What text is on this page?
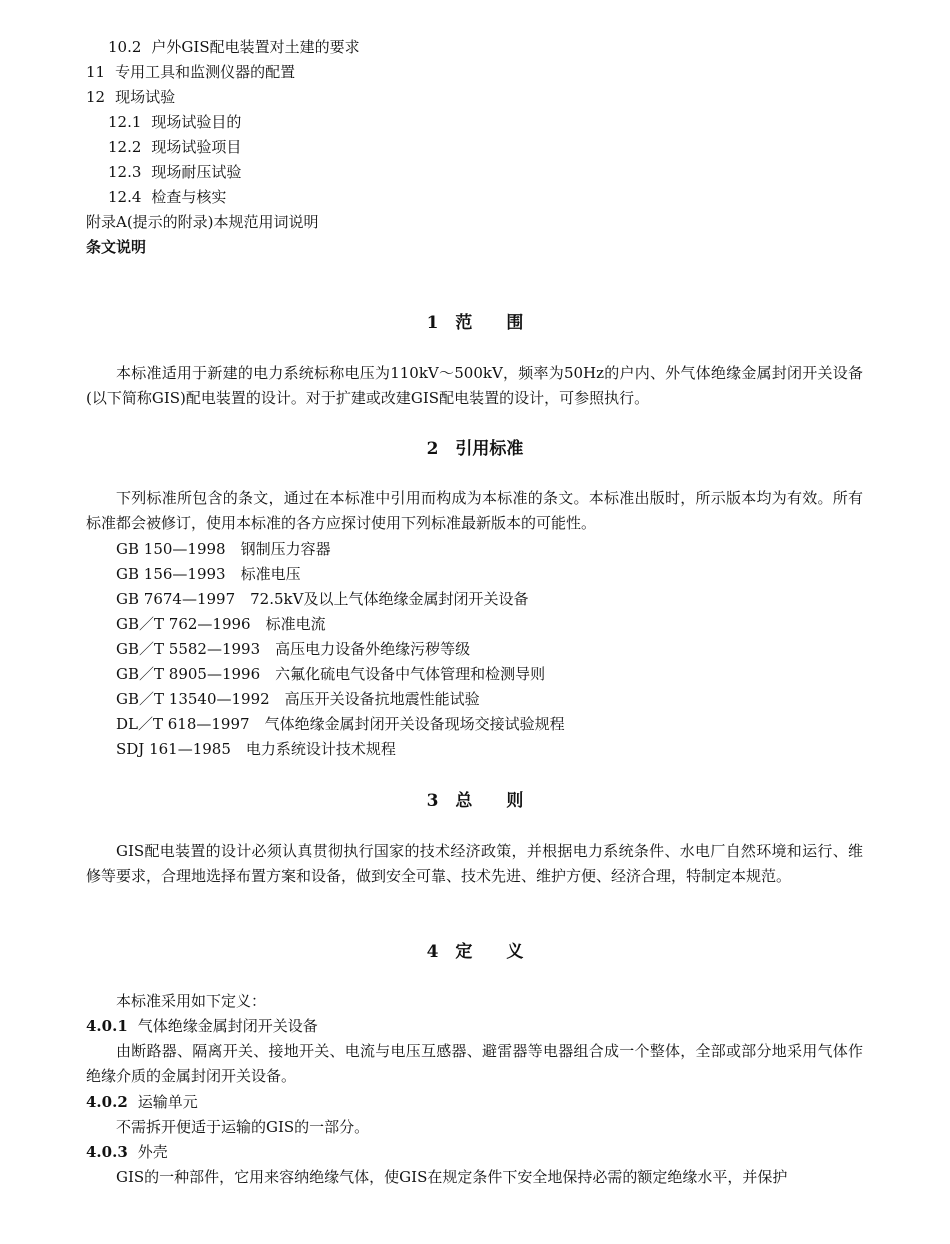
10.2 户外GIS配电装置对土建的要求
11 专用工具和监测仪器的配置
12 现场试验
12.1 现场试验目的
12.2 现场试验项目
12.3 现场耐压试验
12.4 检查与核实
附录A(提示的附录)本规范用词说明
条文说明
1　范　　围
本标准适用于新建的电力系统标称电压为110kV～500kV，频率为50Hz的户内、外气体绝缘金属封闭开关设备(以下简称GIS)配电装置的设计。对于扩建或改建GIS配电装置的设计，可参照执行。
2　引用标准
下列标准所包含的条文，通过在本标准中引用而构成为本标准的条文。本标准出版时，所示版本均为有效。所有标准都会被修订，使用本标准的各方应探讨使用下列标准最新版本的可能性。
GB 150—1998　钢制压力容器
GB 156—1993　标准电压
GB 7674—1997　72.5kV及以上气体绝缘金属封闭开关设备
GB／T 762—1996　标准电流
GB／T 5582—1993　高压电力设备外绝缘污秽等级
GB／T 8905—1996　六氟化硫电气设备中气体管理和检测导则
GB／T 13540—1992　高压开关设备抗地震性能试验
DL／T 618—1997　气体绝缘金属封闭开关设备现场交接试验规程
SDJ 161—1985　电力系统设计技术规程
3　总　　则
GIS配电装置的设计必须认真贯彻执行国家的技术经济政策，并根据电力系统条件、水电厂自然环境和运行、维修等要求，合理地选择布置方案和设备，做到安全可靠、技术先进、维护方便、经济合理，特制定本规范。
4　定　　义
本标准采用如下定义：
4.0.1 气体绝缘金属封闭开关设备
由断路器、隔离开关、接地开关、电流与电压互感器、避雷器等电器组合成一个整体，全部或部分地采用气体作绝缘介质的金属封闭开关设备。
4.0.2 运输单元
不需拆开便适于运输的GIS的一部分。
4.0.3 外壳
GIS的一种部件，它用来容纳绝缘气体，使GIS在规定条件下安全地保持必需的额定绝缘水平，并保护
